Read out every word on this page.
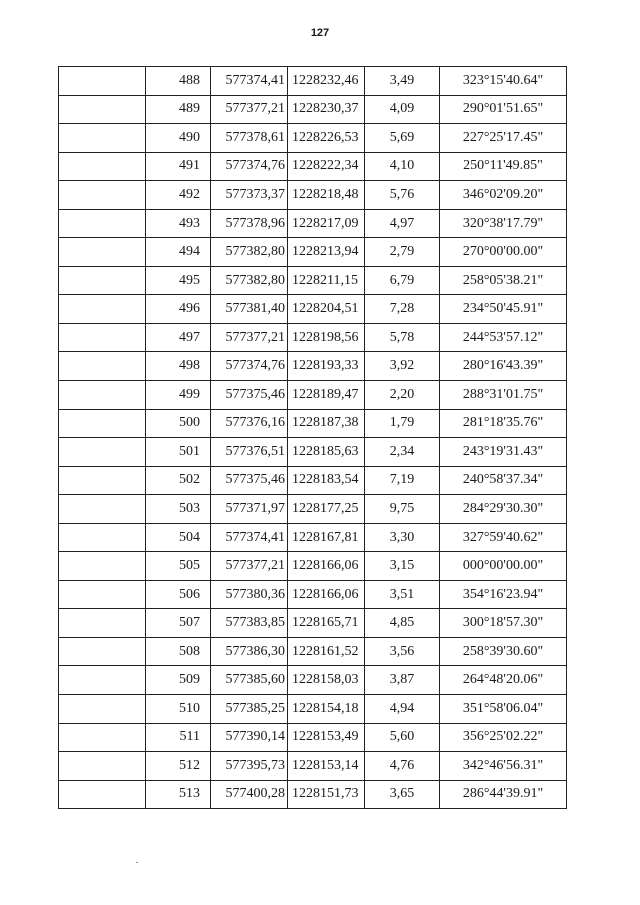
127
	488	577374,41	1228232,46	3,49	323°15'40.64"
	489	577377,21	1228230,37	4,09	290°01'51.65"
	490	577378,61	1228226,53	5,69	227°25'17.45"
	491	577374,76	1228222,34	4,10	250°11'49.85"
	492	577373,37	1228218,48	5,76	346°02'09.20"
	493	577378,96	1228217,09	4,97	320°38'17.79"
	494	577382,80	1228213,94	2,79	270°00'00.00"
	495	577382,80	1228211,15	6,79	258°05'38.21"
	496	577381,40	1228204,51	7,28	234°50'45.91"
	497	577377,21	1228198,56	5,78	244°53'57.12"
	498	577374,76	1228193,33	3,92	280°16'43.39"
	499	577375,46	1228189,47	2,20	288°31'01.75"
	500	577376,16	1228187,38	1,79	281°18'35.76"
	501	577376,51	1228185,63	2,34	243°19'31.43"
	502	577375,46	1228183,54	7,19	240°58'37.34"
	503	577371,97	1228177,25	9,75	284°29'30.30"
	504	577374,41	1228167,81	3,30	327°59'40.62"
	505	577377,21	1228166,06	3,15	000°00'00.00"
	506	577380,36	1228166,06	3,51	354°16'23.94"
	507	577383,85	1228165,71	4,85	300°18'57.30"
	508	577386,30	1228161,52	3,56	258°39'30.60"
	509	577385,60	1228158,03	3,87	264°48'20.06"
	510	577385,25	1228154,18	4,94	351°58'06.04"
	511	577390,14	1228153,49	5,60	356°25'02.22"
	512	577395,73	1228153,14	4,76	342°46'56.31"
	513	577400,28	1228151,73	3,65	286°44'39.91"
